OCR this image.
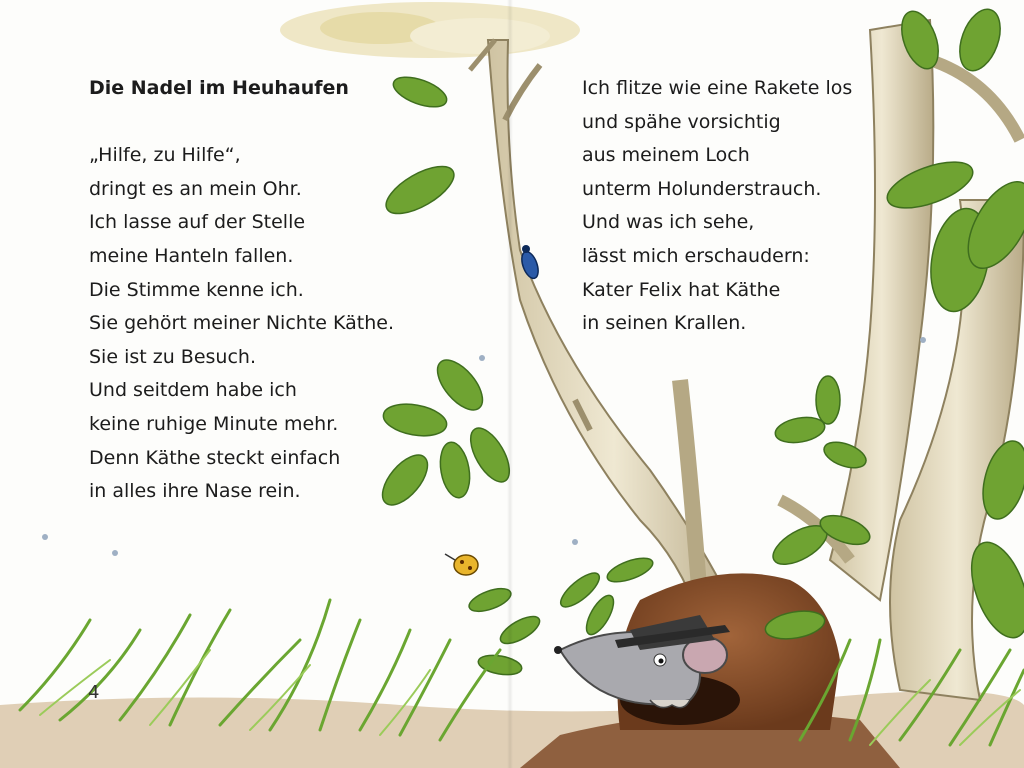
Die Nadel im Heuhaufen
„Hilfe, zu Hilfe“,
dringt es an mein Ohr.
Ich lasse auf der Stelle
meine Hanteln fallen.
Die Stimme kenne ich.
Sie gehört meiner Nichte Käthe.
Sie ist zu Besuch.
Und seitdem habe ich
keine ruhige Minute mehr.
Denn Käthe steckt einfach
in alles ihre Nase rein.
Ich flitze wie eine Rakete los
und spähe vorsichtig
aus meinem Loch
unterm Holunderstrauch.
Und was ich sehe,
lässt mich erschaudern:
Kater Felix hat Käthe
in seinen Krallen.
4
